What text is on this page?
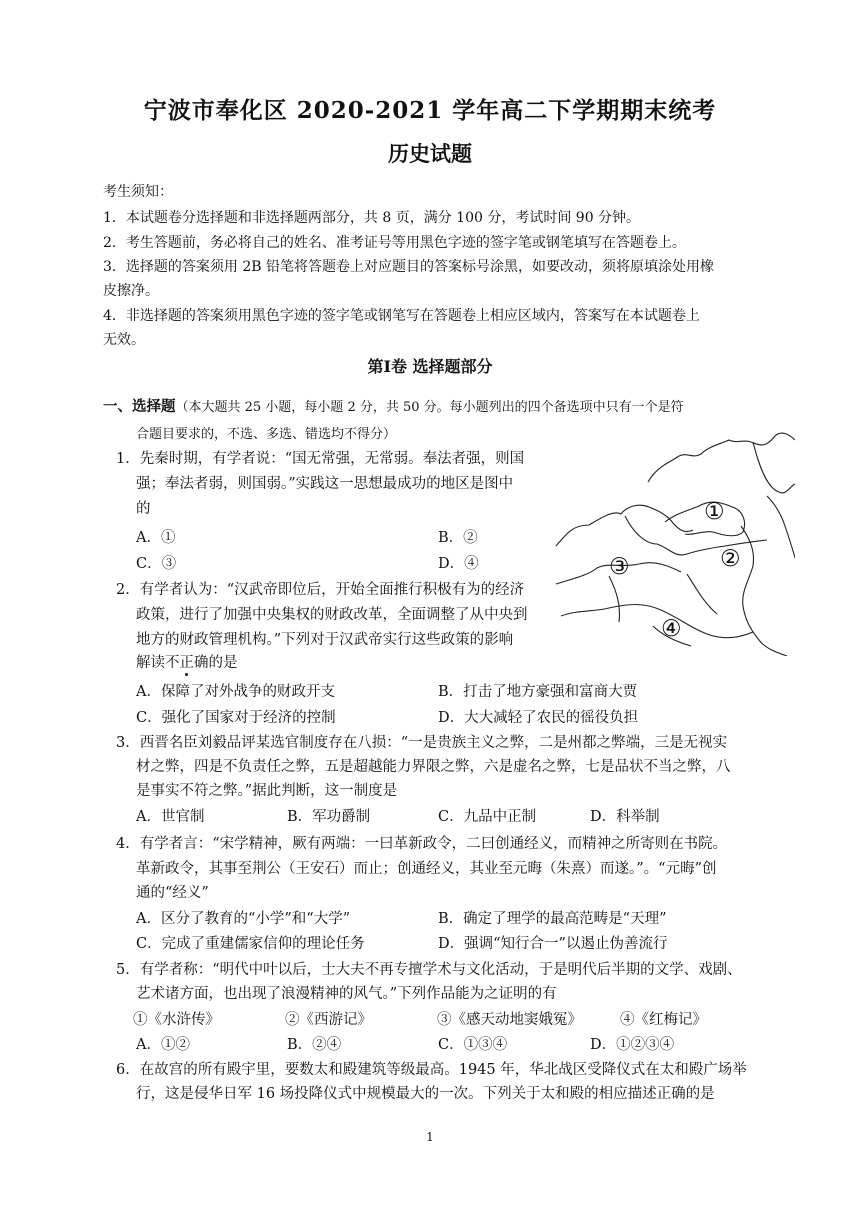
宁波市奉化区 2020-2021 学年高二下学期期末统考
历史试题
考生须知：
1．本试题卷分选择题和非选择题两部分，共 8 页，满分 100 分，考试时间 90 分钟。
2．考生答题前，务必将自己的姓名、准考证号等用黑色字迹的签字笔或钢笔填写在答题卷上。
3．选择题的答案须用 2B 铅笔将答题卷上对应题目的答案标号涂黑，如要改动，须将原填涂处用橡
皮擦净。
4．非选择题的答案须用黑色字迹的签字笔或钢笔写在答题卷上相应区域内，答案写在本试题卷上
无效。
第Ⅰ卷 选择题部分
一、选择题（本大题共 25 小题，每小题 2 分，共 50 分。每小题列出的四个备选项中只有一个是符
合题目要求的，不选、多选、错选均不得分）
1．先秦时期，有学者说：“国无常强，无常弱。奉法者强，则国
强；奉法者弱，则国弱。”实践这一思想最成功的地区是图中
的
A．①	B．②
C．③	D．④
①
②
③
④
2．有学者认为：“汉武帝即位后，开始全面推行积极有为的经济
政策，进行了加强中央集权的财政改革，全面调整了从中央到
地方的财政管理机构。”下列对于汉武帝实行这些政策的影响
解读不正确的是
A．保障了对外战争的财政开支	B．打击了地方豪强和富商大贾
C．强化了国家对于经济的控制	D．大大减轻了农民的徭役负担
3．西晋名臣刘毅品评某选官制度存在八损：“一是贵族主义之弊，二是州都之弊端，三是无视实
材之弊，四是不负责任之弊，五是超越能力界限之弊，六是虚名之弊，七是品状不当之弊，八
是事实不符之弊。”据此判断，这一制度是
A．世官制	B．军功爵制	C．九品中正制	D．科举制
4．有学者言：“宋学精神，厥有两端：一曰革新政令，二曰创通经义，而精神之所寄则在书院。
革新政令，其事至荆公（王安石）而止；创通经义，其业至元晦（朱熹）而遂。”。“元晦”创
通的“经义”
A．区分了教育的“小学”和“大学”	B．确定了理学的最高范畴是“天理”
C．完成了重建儒家信仰的理论任务	D．强调“知行合一”以遏止伪善流行
5．有学者称：“明代中叶以后，士大夫不再专擅学术与文化活动，于是明代后半期的文学、戏剧、
艺术诸方面，也出现了浪漫精神的风气。”下列作品能为之证明的有
①《水浒传》	②《西游记》	③《感天动地窦娥冤》	④《红梅记》
A．①②	B．②④	C．①③④	D．①②③④
6．在故宫的所有殿宇里，要数太和殿建筑等级最高。1945 年，华北战区受降仪式在太和殿广场举
行，这是侵华日军 16 场投降仪式中规模最大的一次。下列关于太和殿的相应描述正确的是
1
